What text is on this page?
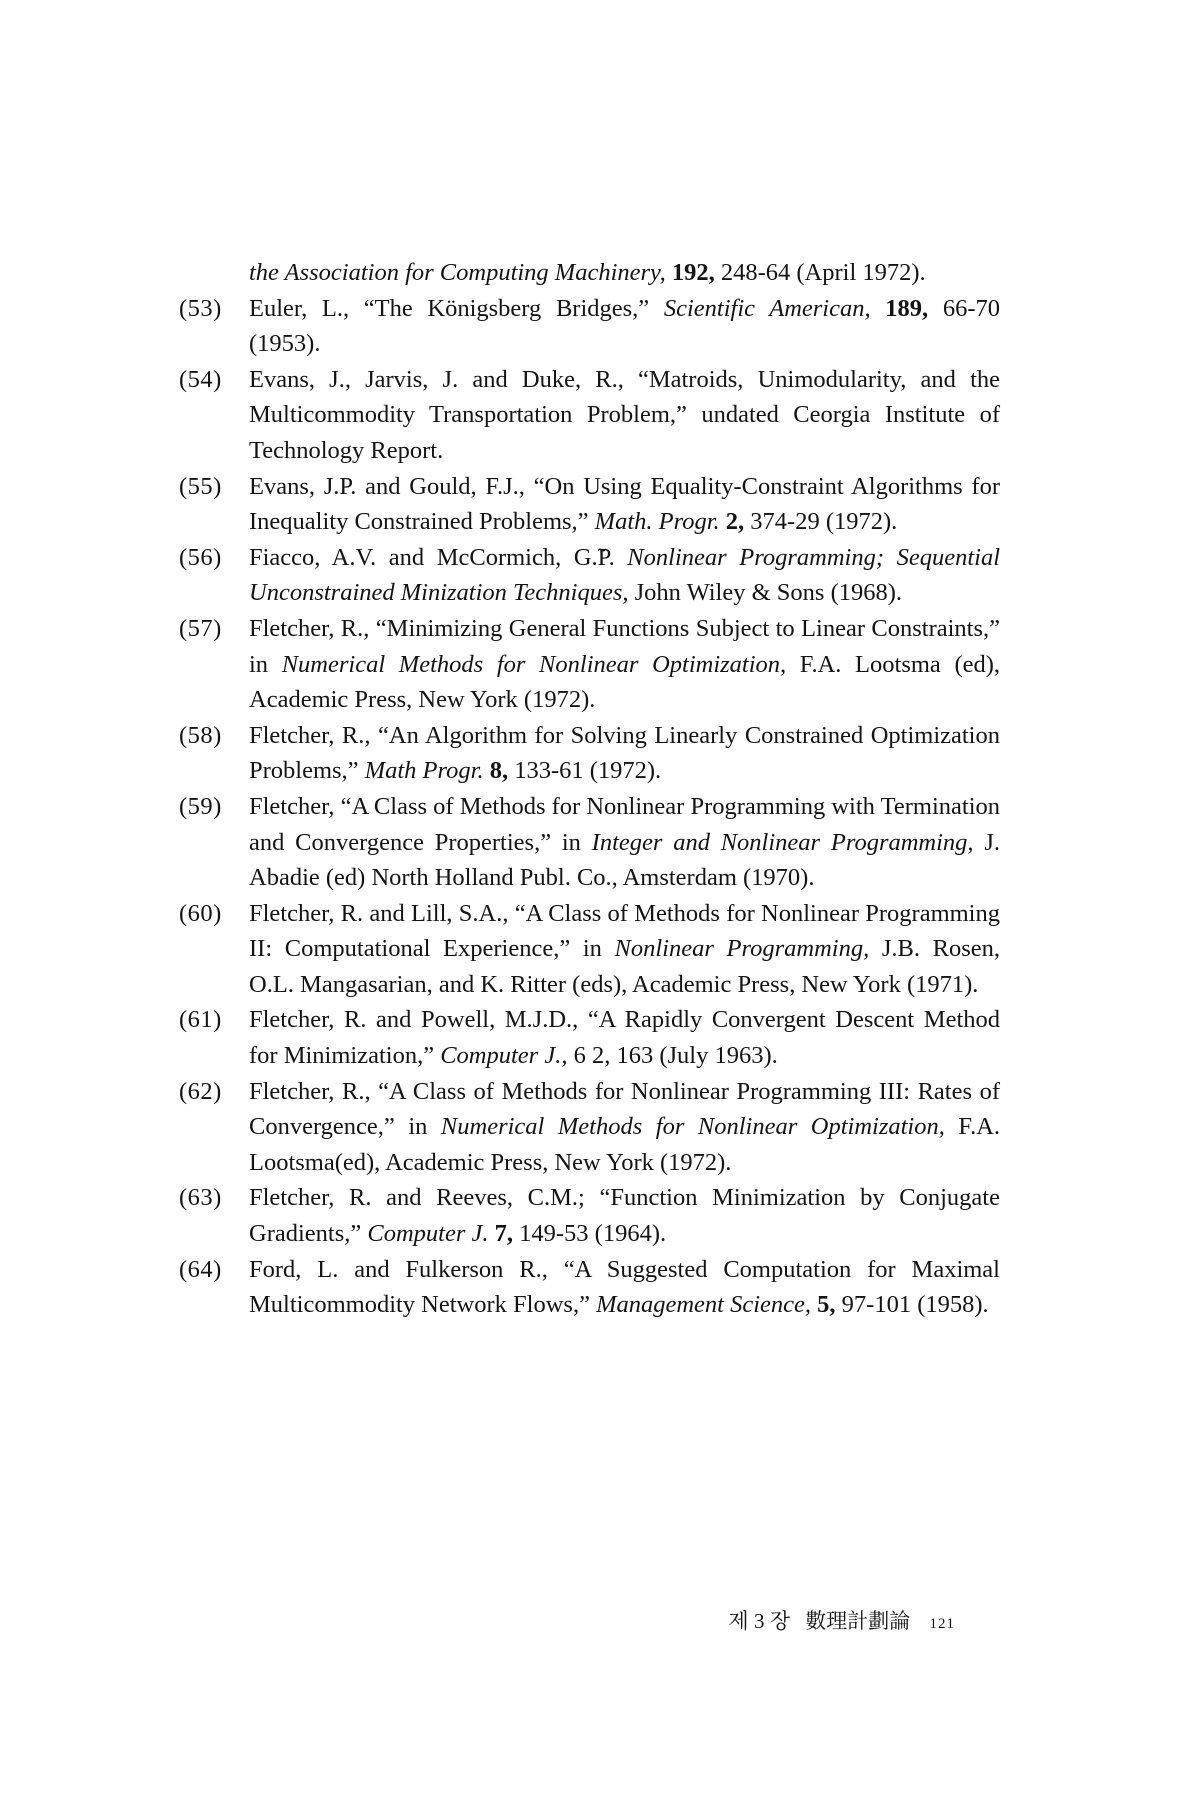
the Association for Computing Machinery, 192, 248-64 (April 1972).

(53) Euler, L., “The Königsberg Bridges,” Scientific American, 189, 66-70 (1953).

(54) Evans, J., Jarvis, J. and Duke, R., “Matroids, Unimodularity, and the Multicommodity Transportation Problem,” undated Ceorgia Institute of Technology Report.

(55) Evans, J.P. and Gould, F.J., “On Using Equality-Constraint Algorithms for Inequality Constrained Problems,” Math. Progr. 2, 374-29 (1972).

(56) Fiacco, A.V. and McCormich, G.̃P. Nonlinear Programming; Sequential Unconstrained Minization Techniques, John Wiley & Sons (1968).

(57) Fletcher, R., “Minimizing General Functions Subject to Linear Constraints,” in Numerical Methods for Nonlinear Optimization, F.A. Lootsma (ed), Academic Press, New York (1972).

(58) Fletcher, R., “An Algorithm for Solving Linearly Constrained Optimization Problems,” Math Progr. 8, 133-61 (1972).

(59) Fletcher, “A Class of Methods for Nonlinear Programming with Termination and Convergence Properties,” in Integer and Nonlinear Programming, J. Abadie (ed) North Holland Publ. Co., Amsterdam (1970).

(60) Fletcher, R. and Lill, S.A., “A Class of Methods for Nonlinear Programming II: Computational Experience,” in Nonlinear Programming, J.B. Rosen, O.L. Mangasarian, and K. Ritter (eds), Academic Press, New York (1971).

(61) Fletcher, R. and Powell, M.J.D., “A Rapidly Convergent Descent Method for Minimization,” Computer J., 6 2, 163 (July 1963).

(62) Fletcher, R., “A Class of Methods for Nonlinear Programming III: Rates of Convergence,” in Numerical Methods for Nonlinear Optimization, F.A. Lootsma(ed), Academic Press, New York (1972).

(63) Fletcher, R. and Reeves, C.M.; “Function Minimization by Conjugate Gradients,” Computer J. 7, 149-53 (1964).

(64) Ford, L. and Fulkerson R., “A Suggested Computation for Maximal Multicommodity Network Flows,” Management Science, 5, 97-101 (1958).

제 3 장 數理計劃論 121
